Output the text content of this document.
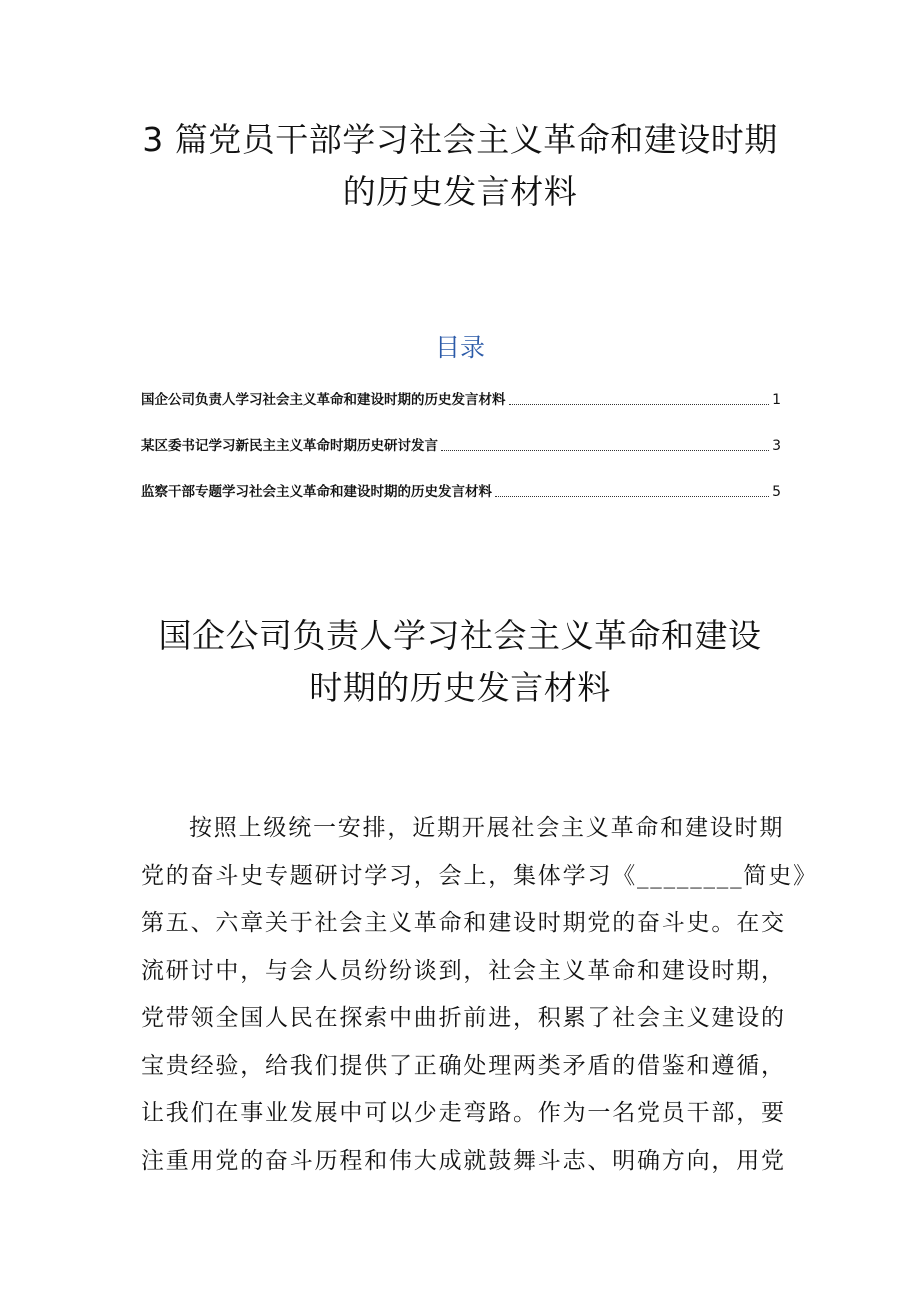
3 篇党员干部学习社会主义革命和建设时期
的历史发言材料
目录
国企公司负责人学习社会主义革命和建设时期的历史发言材料	1
某区委书记学习新民主主义革命时期历史研讨发言	3
监察干部专题学习社会主义革命和建设时期的历史发言材料	5
国企公司负责人学习社会主义革命和建设
时期的历史发言材料
按照上级统一安排，近期开展社会主义革命和建设时期
党的奋斗史专题研讨学习，会上，集体学习《________简史》
第五、六章关于社会主义革命和建设时期党的奋斗史。在交
流研讨中，与会人员纷纷谈到，社会主义革命和建设时期，
党带领全国人民在探索中曲折前进，积累了社会主义建设的
宝贵经验，给我们提供了正确处理两类矛盾的借鉴和遵循，
让我们在事业发展中可以少走弯路。作为一名党员干部，要
注重用党的奋斗历程和伟大成就鼓舞斗志、明确方向，用党
